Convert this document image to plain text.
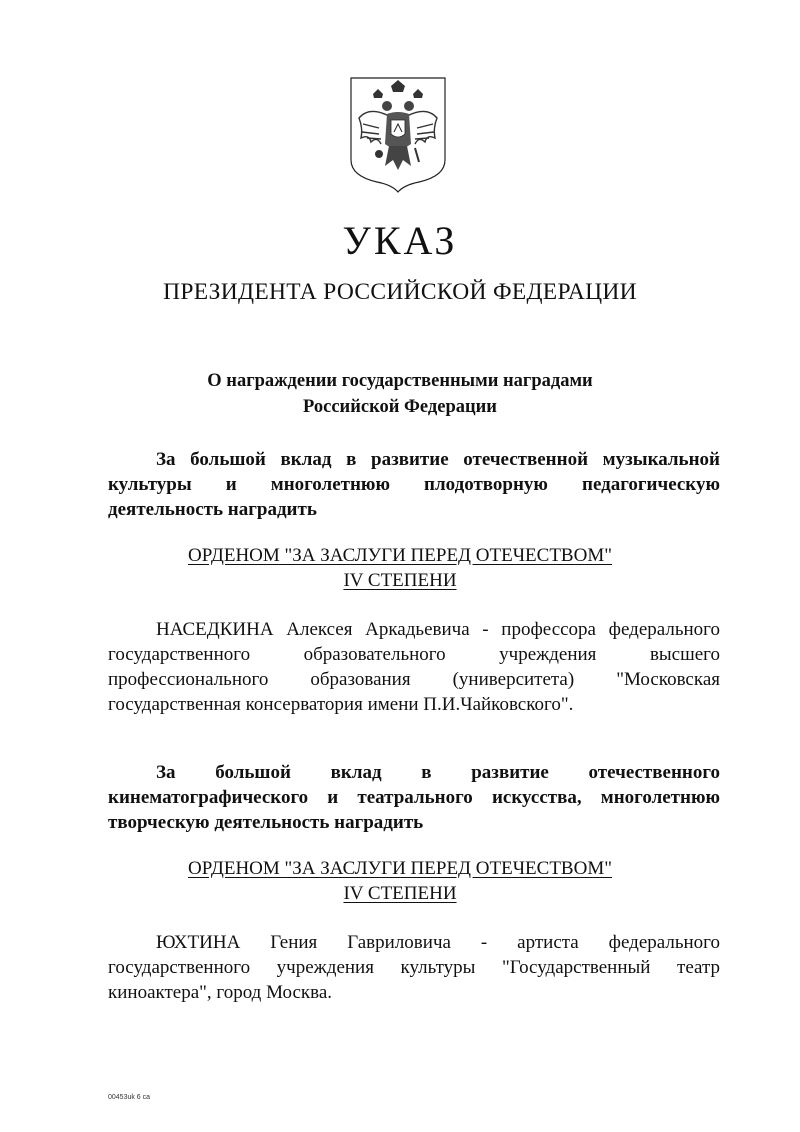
УКАЗ
ПРЕЗИДЕНТА РОССИЙСКОЙ ФЕДЕРАЦИИ
О награждении государственными наградами
Российской Федерации
За большой вклад в развитие отечественной музыкальной
культуры и многолетнюю плодотворную педагогическую
деятельность наградить
ОРДЕНОМ "ЗА ЗАСЛУГИ ПЕРЕД ОТЕЧЕСТВОМ"
IV СТЕПЕНИ
НАСЕДКИНА Алексея Аркадьевича - профессора федерального
государственного образовательного учреждения высшего
профессионального образования (университета) "Московская
государственная консерватория имени П.И.Чайковского".
За большой вклад в развитие отечественного
кинематографического и театрального искусства, многолетнюю
творческую деятельность наградить
ОРДЕНОМ "ЗА ЗАСЛУГИ ПЕРЕД ОТЕЧЕСТВОМ"
IV СТЕПЕНИ
ЮХТИНА Гения Гавриловича - артиста федерального
государственного учреждения культуры "Государственный театр
киноактера", город Москва.
00453uk 6 ca
